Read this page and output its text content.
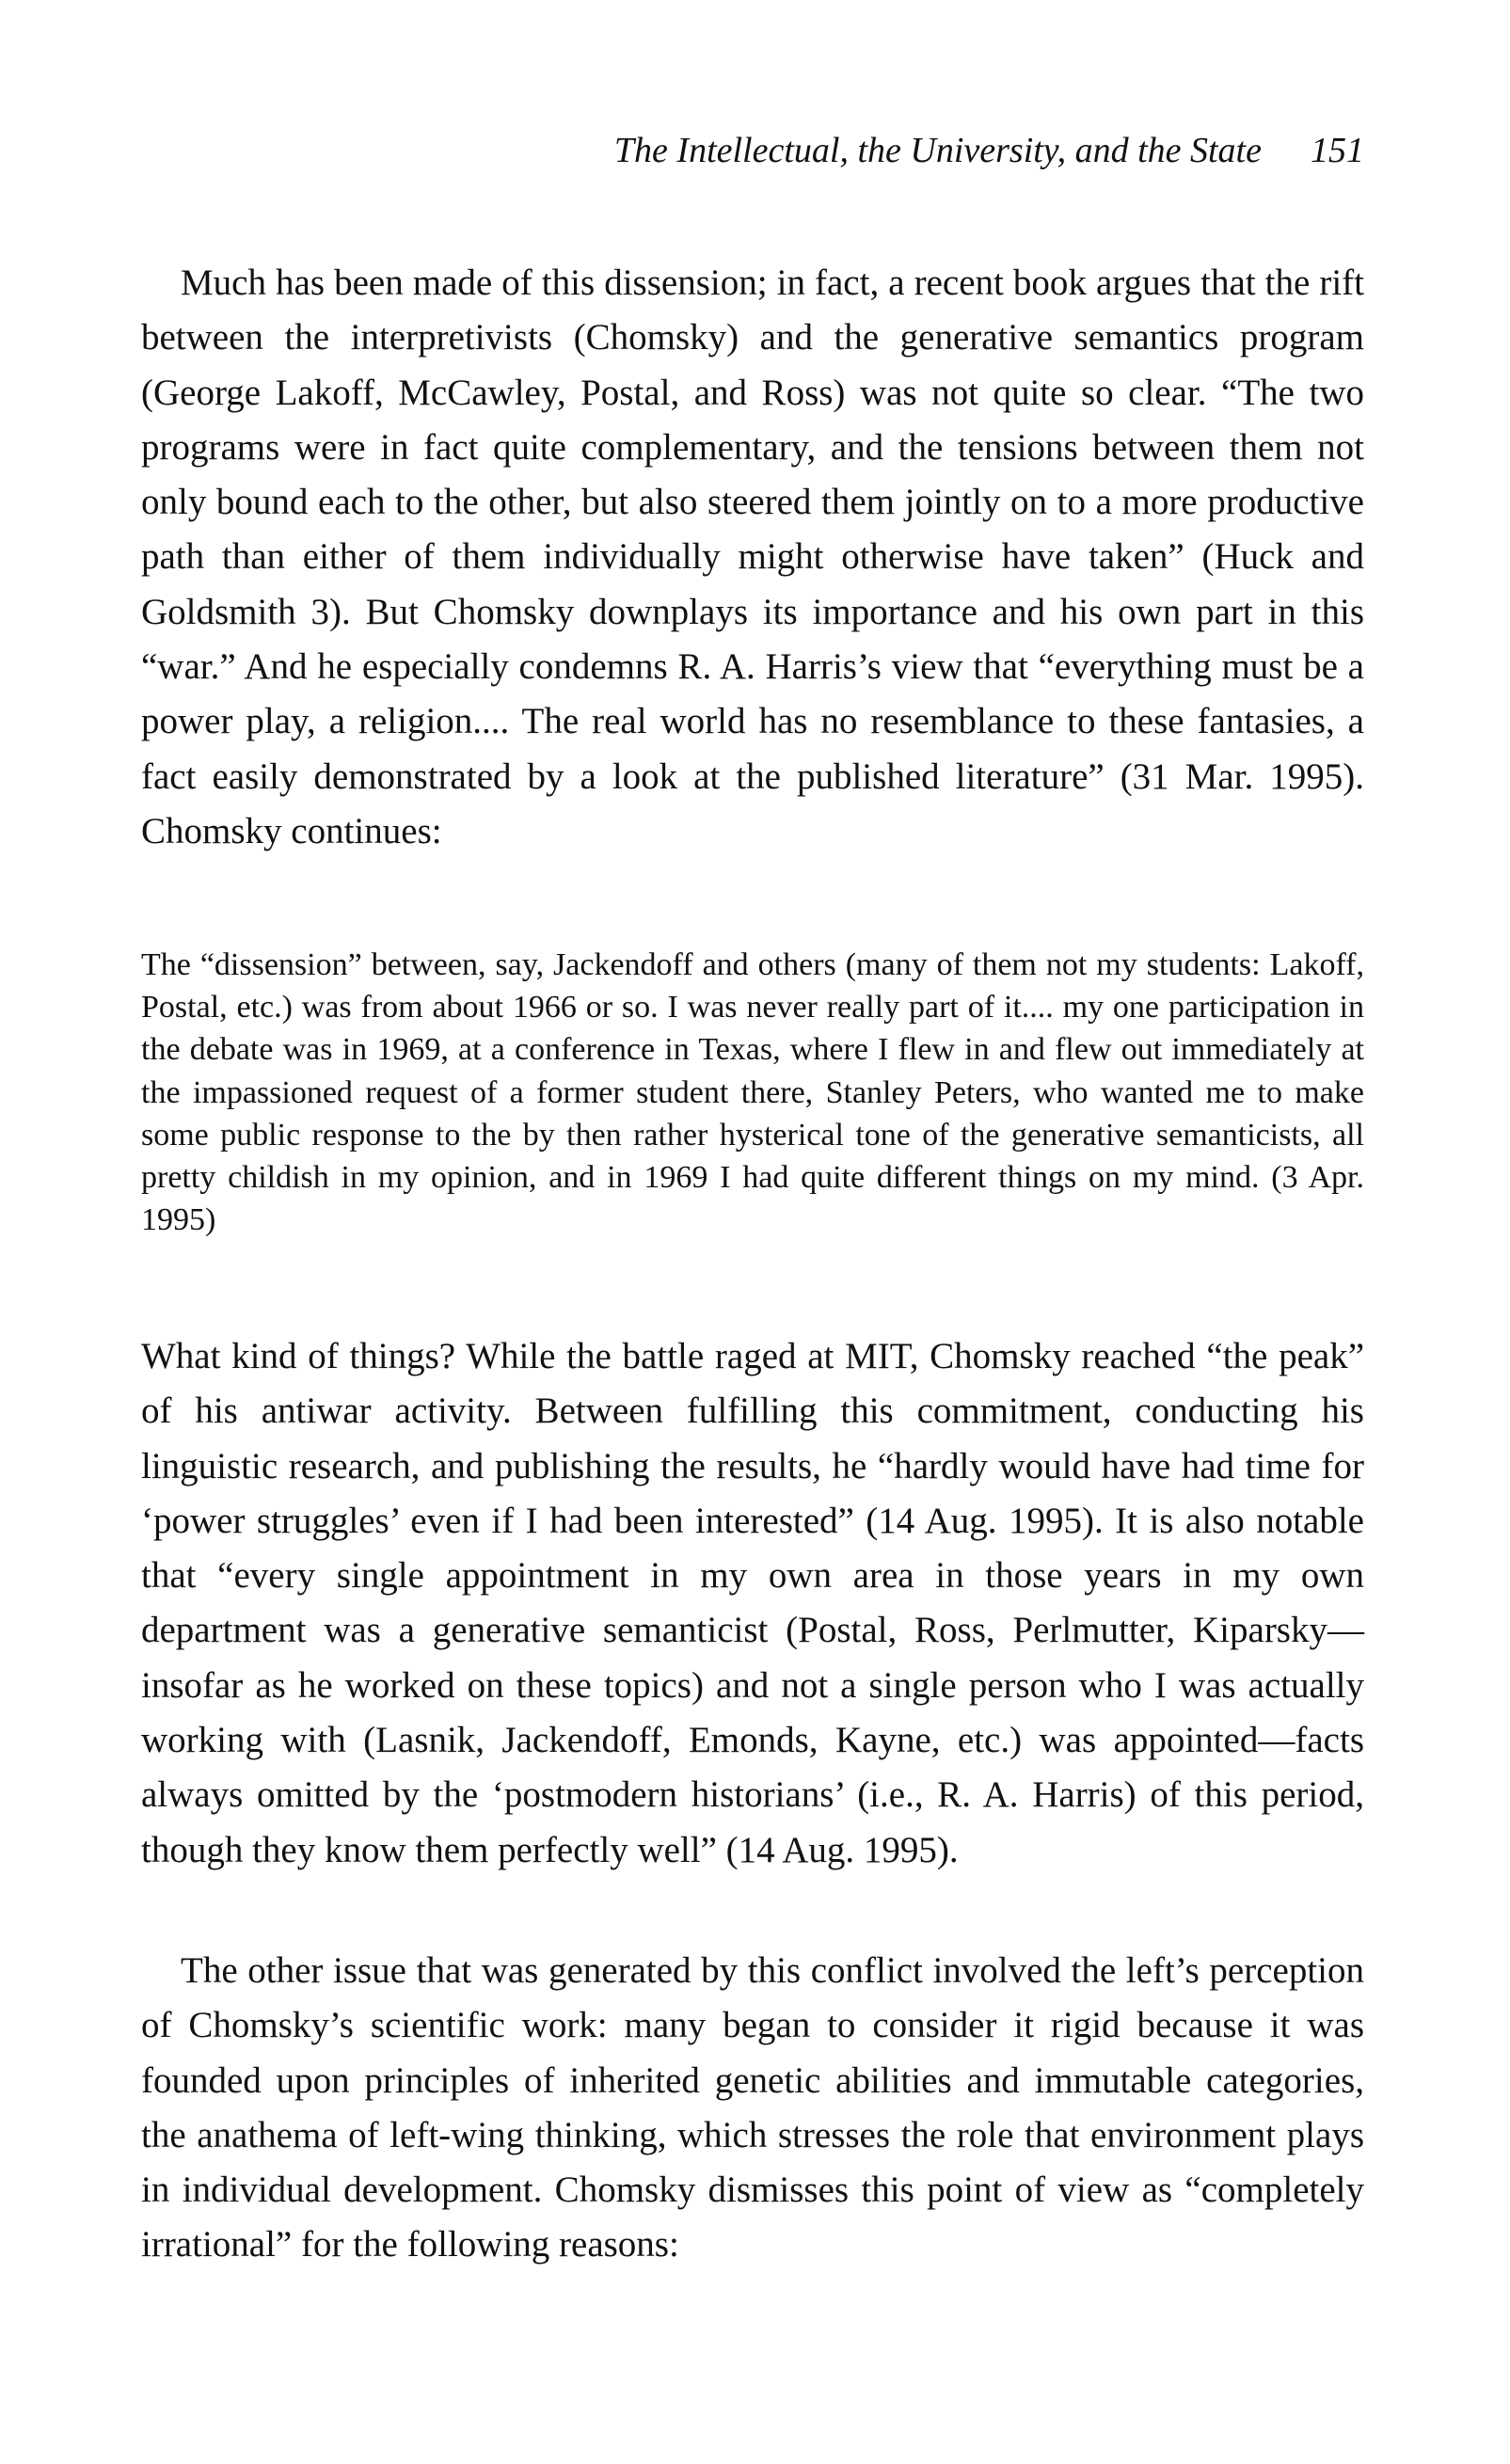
The Intellectual, the University, and the State 151

Much has been made of this dissension; in fact, a recent book argues that the rift between the interpretivists (Chomsky) and the generative semantics program (George Lakoff, McCawley, Postal, and Ross) was not quite so clear. “The two programs were in fact quite complementary, and the tensions between them not only bound each to the other, but also steered them jointly on to a more productive path than either of them individually might otherwise have taken” (Huck and Goldsmith 3). But Chomsky downplays its importance and his own part in this “war.” And he especially condemns R. A. Harris’s view that “everything must be a power play, a religion.... The real world has no resemblance to these fantasies, a fact easily demonstrated by a look at the published literature” (31 Mar. 1995). Chomsky continues:

The “dissension” between, say, Jackendoff and others (many of them not my students: Lakoff, Postal, etc.) was from about 1966 or so. I was never really part of it.... my one participation in the debate was in 1969, at a conference in Texas, where I flew in and flew out immediately at the impassioned request of a former student there, Stanley Peters, who wanted me to make some public response to the by then rather hysterical tone of the generative semanticists, all pretty childish in my opinion, and in 1969 I had quite different things on my mind. (3 Apr. 1995)

What kind of things? While the battle raged at MIT, Chomsky reached “the peak” of his antiwar activity. Between fulfilling this commitment, conducting his linguistic research, and publishing the results, he “hardly would have had time for ‘power struggles’ even if I had been interested” (14 Aug. 1995). It is also notable that “every single appointment in my own area in those years in my own department was a generative semanticist (Postal, Ross, Perlmutter, Kiparsky—insofar as he worked on these topics) and not a single person who I was actually working with (Lasnik, Jackendoff, Emonds, Kayne, etc.) was appointed—facts always omitted by the ‘postmodern historians’ (i.e., R. A. Harris) of this period, though they know them perfectly well” (14 Aug. 1995).

The other issue that was generated by this conflict involved the left’s perception of Chomsky’s scientific work: many began to consider it rigid because it was founded upon principles of inherited genetic abilities and immutable categories, the anathema of left-wing thinking, which stresses the role that environment plays in individual development. Chomsky dismisses this point of view as “completely irrational” for the following reasons:
